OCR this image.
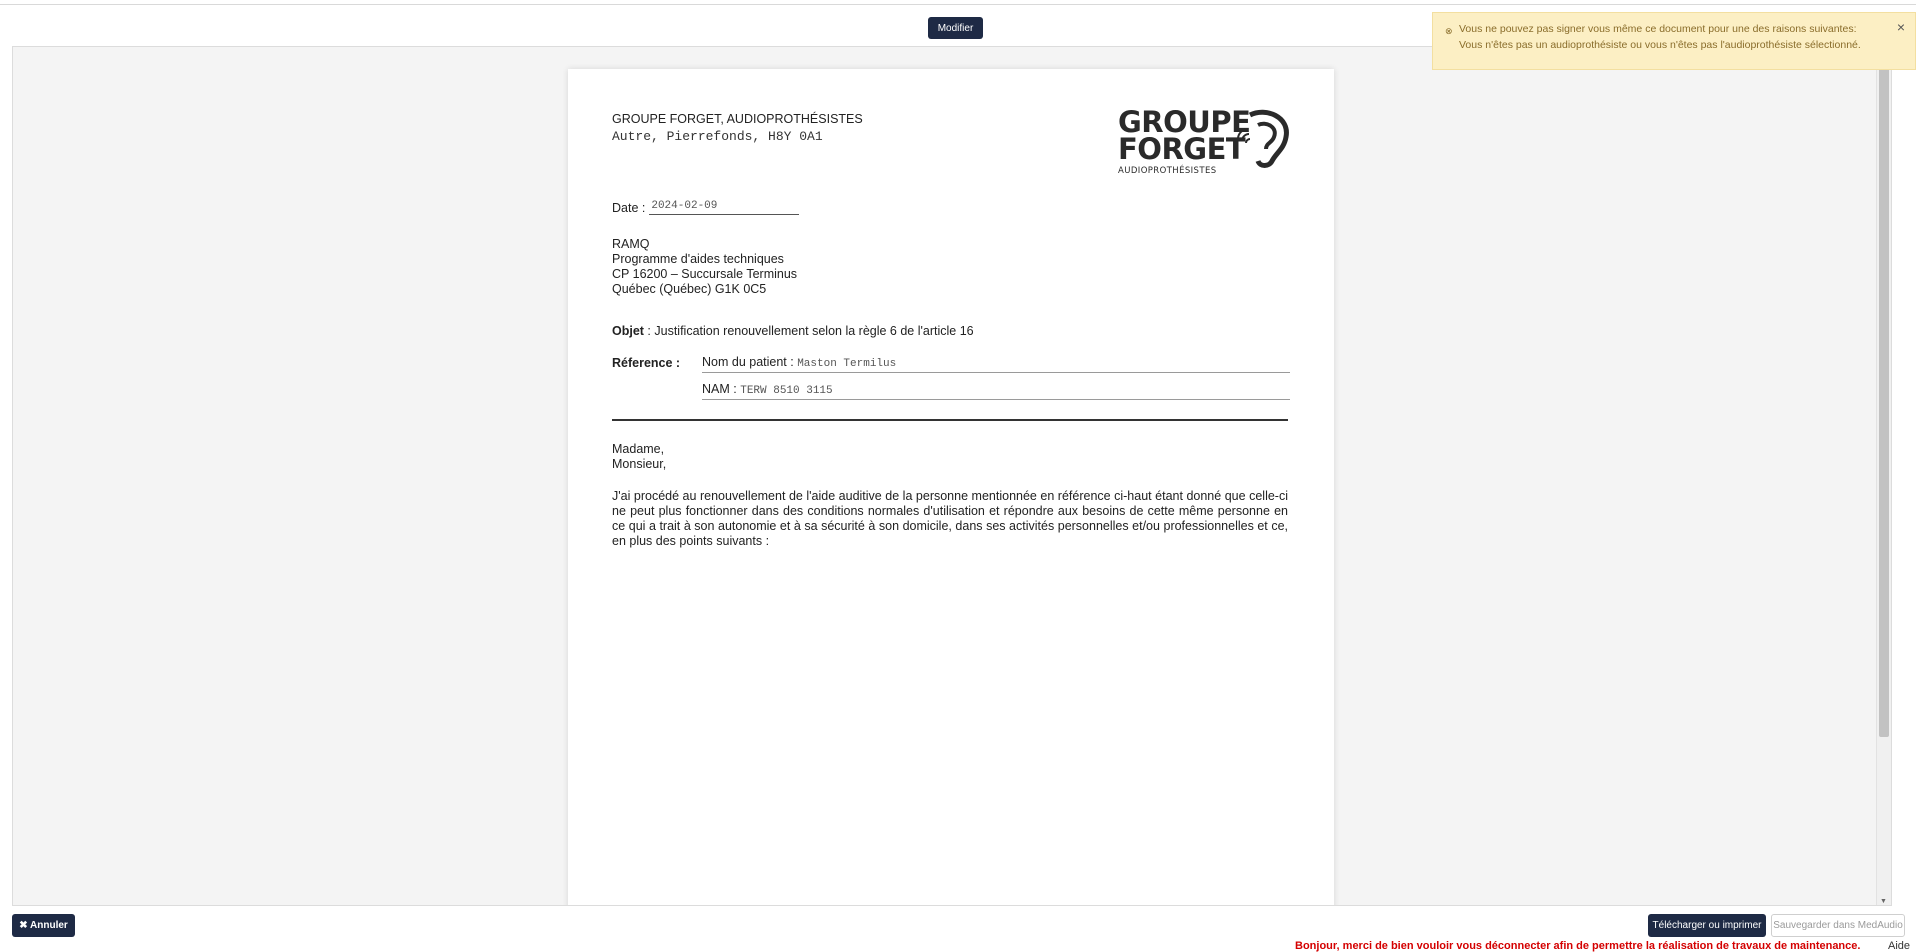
Modifier
GROUPE FORGET, AUDIOPROTHÉSISTES
Autre, Pierrefonds, H8Y 0A1	GROUPE
FORGET
AUDIOPROTHÉSISTES
Date : 2024-02-09
RAMQ
Programme d'aides techniques
CP 16200 – Succursale Terminus
Québec (Québec) G1K 0C5
Objet : Justification renouvellement selon la règle 6 de l'article 16
Réference : Nom du patient : Maston Termilus
NAM : TERW 8510 3115
Madame,
Monsieur,
J'ai procédé au renouvellement de l'aide auditive de la personne mentionnée en référence ci-haut étant donné que celle-ci ne peut plus fonctionner dans des conditions normales d'utilisation et répondre aux besoins de cette même personne en ce qui a trait à son autonomie et à sa sécurité à son domicile, dans ses activités personnelles et/ou professionnelles et ce, en plus des points suivants :
▼
⊗ Vous ne pouvez pas signer vous même ce document pour une des raisons suivantes: Vous n'êtes pas un audioprothésiste ou vous n'êtes pas l'audioprothésiste sélectionné.
×
✖ Annuler	Télécharger ou imprimer	Sauvegarder dans MedAudio
Bonjour, merci de bien vouloir vous déconnecter afin de permettre la réalisation de travaux de maintenance.	Aide
